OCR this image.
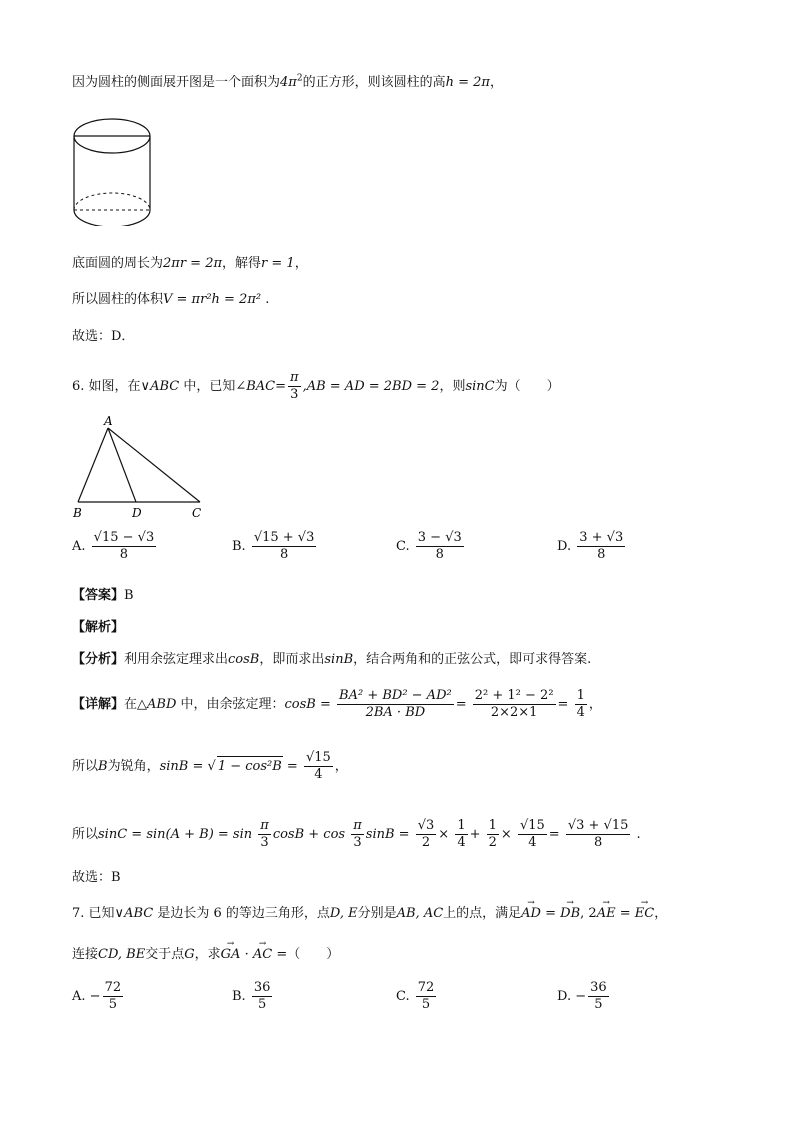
因为圆柱的侧面展开图是一个面积为$4\pi^2$的正方形，则该圆柱的高h = 2π，
底面圆的周长为2πr = 2π，解得r = 1，
所以圆柱的体积V = πr²h = 2π² .
故选：D．
6. 如图，在∨ABC 中，已知∠BAC= $\frac{\pi}{3} ,AB$ = AD = 2BD = 2，则sinC为（　　）
A
B	D	C
A. $\frac{√15 - √3}{8}$	B. $\frac{√15 + √3}{8}$	C. $\frac{3 - √3}{8}$	D. $\frac{3 + √3}{8}$
【答案】B
【解析】
【分析】利用余弦定理求出cosB，即而求出sinB，结合两角和的正弦公式，即可求得答案.
【详解】在△ABD 中，由余弦定理：$\cos B = \frac{\text{BA² + BD² − AD²}}{2BA \cdot BD} = \frac{\text{2² + 1² − 2²}}{2\times 2\times 1} = \frac{1}{4}$ ，
所以B为锐角，sinB = √ $1 - \cos^2B = \frac{√15}{4}$ ，
所以$\sin C = \sin(A + B) = \sin \frac{\pi}{3}$ $\cos B + \cos \frac{\pi}{3}$ $\sin B = \frac{√3}{2} \times \frac{1}{4} + \frac{1}{2} \times \frac{√15}{4} = \frac{√3 + √15}{8}$ .
故选：B
7. 已知∨ABC 是边长为 6 的等边三角形，点D, E分别是AB, AC上的点，满足→ AD = → DB, 2→ AE = → EC，
连接CD, BE交于点G，求→ GA · → AC =（　　）
A. − $\frac{72}{5}$	B. $\frac{36}{5}$	C. $\frac{72}{5}$	D. − $\frac{36}{5}$
